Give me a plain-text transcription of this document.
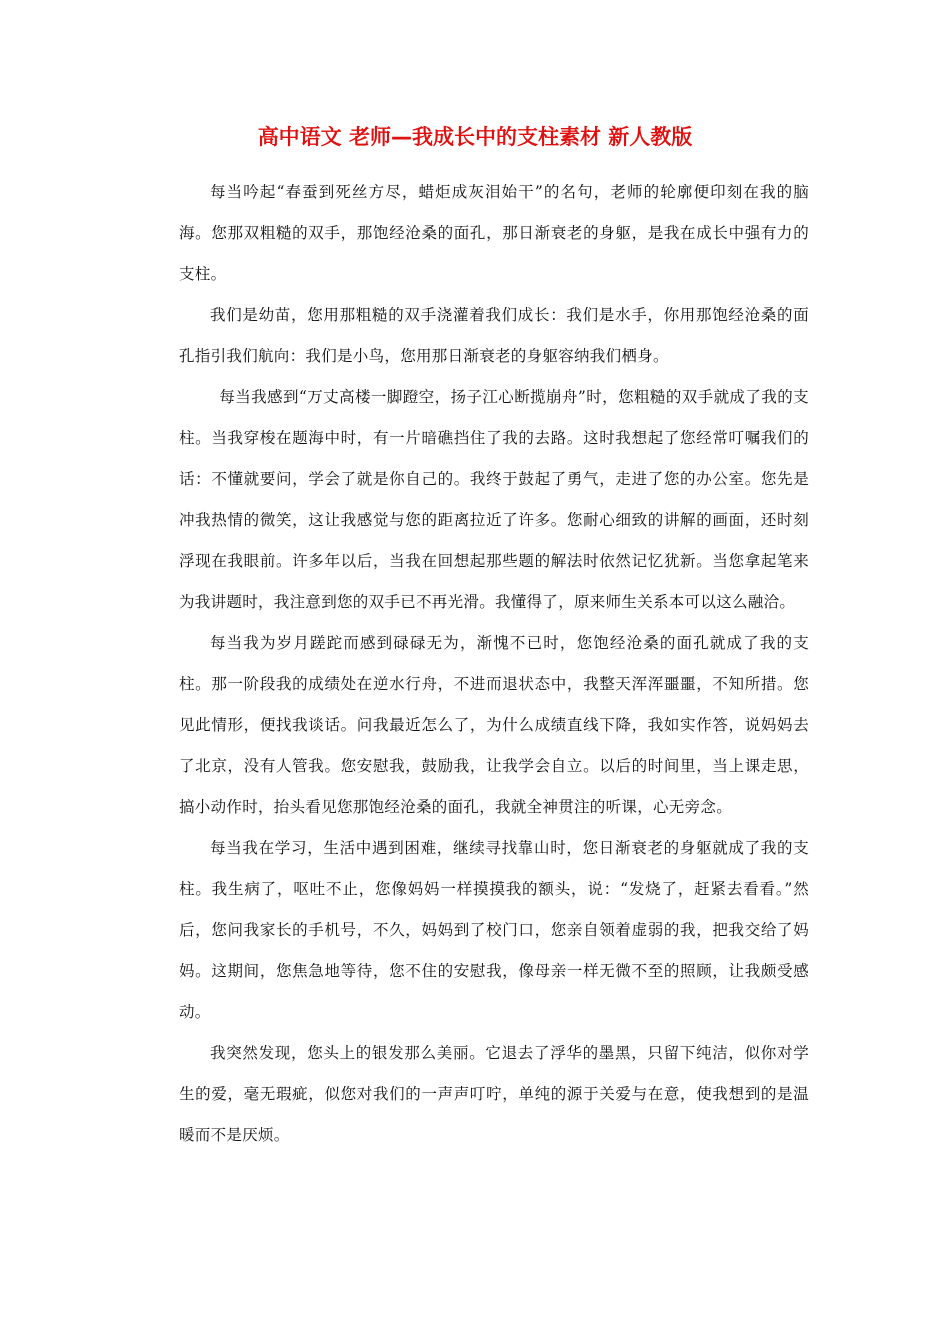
高中语文 老师—我成长中的支柱素材 新人教版

每当吟起“春蚕到死丝方尽，蜡炬成灰泪始干”的名句，老师的轮廓便印刻在我的脑海。您那双粗糙的双手，那饱经沧桑的面孔，那日渐衰老的身躯，是我在成长中强有力的支柱。

我们是幼苗，您用那粗糙的双手浇灌着我们成长：我们是水手，你用那饱经沧桑的面孔指引我们航向：我们是小鸟，您用那日渐衰老的身躯容纳我们栖身。

每当我感到“万丈高楼一脚蹬空，扬子江心断揽崩舟”时，您粗糙的双手就成了我的支柱。当我穿梭在题海中时，有一片暗礁挡住了我的去路。这时我想起了您经常叮嘱我们的话：不懂就要问，学会了就是你自己的。我终于鼓起了勇气，走进了您的办公室。您先是冲我热情的微笑，这让我感觉与您的距离拉近了许多。您耐心细致的讲解的画面，还时刻浮现在我眼前。许多年以后，当我在回想起那些题的解法时依然记忆犹新。当您拿起笔来为我讲题时，我注意到您的双手已不再光滑。我懂得了，原来师生关系本可以这么融洽。

每当我为岁月蹉跎而感到碌碌无为，渐愧不已时，您饱经沧桑的面孔就成了我的支柱。那一阶段我的成绩处在逆水行舟，不进而退状态中，我整天浑浑噩噩，不知所措。您见此情形，便找我谈话。问我最近怎么了，为什么成绩直线下降，我如实作答，说妈妈去了北京，没有人管我。您安慰我，鼓励我，让我学会自立。以后的时间里，当上课走思，搞小动作时，抬头看见您那饱经沧桑的面孔，我就全神贯注的听课，心无旁念。

每当我在学习，生活中遇到困难，继续寻找靠山时，您日渐衰老的身躯就成了我的支柱。我生病了，呕吐不止，您像妈妈一样摸摸我的额头，说：“发烧了，赶紧去看看。”然后，您问我家长的手机号，不久，妈妈到了校门口，您亲自领着虚弱的我，把我交给了妈妈。这期间，您焦急地等待，您不住的安慰我，像母亲一样无微不至的照顾，让我颇受感动。

我突然发现，您头上的银发那么美丽。它退去了浮华的墨黑，只留下纯洁，似你对学生的爱，毫无瑕疵，似您对我们的一声声叮咛，单纯的源于关爱与在意，使我想到的是温暖而不是厌烦。
